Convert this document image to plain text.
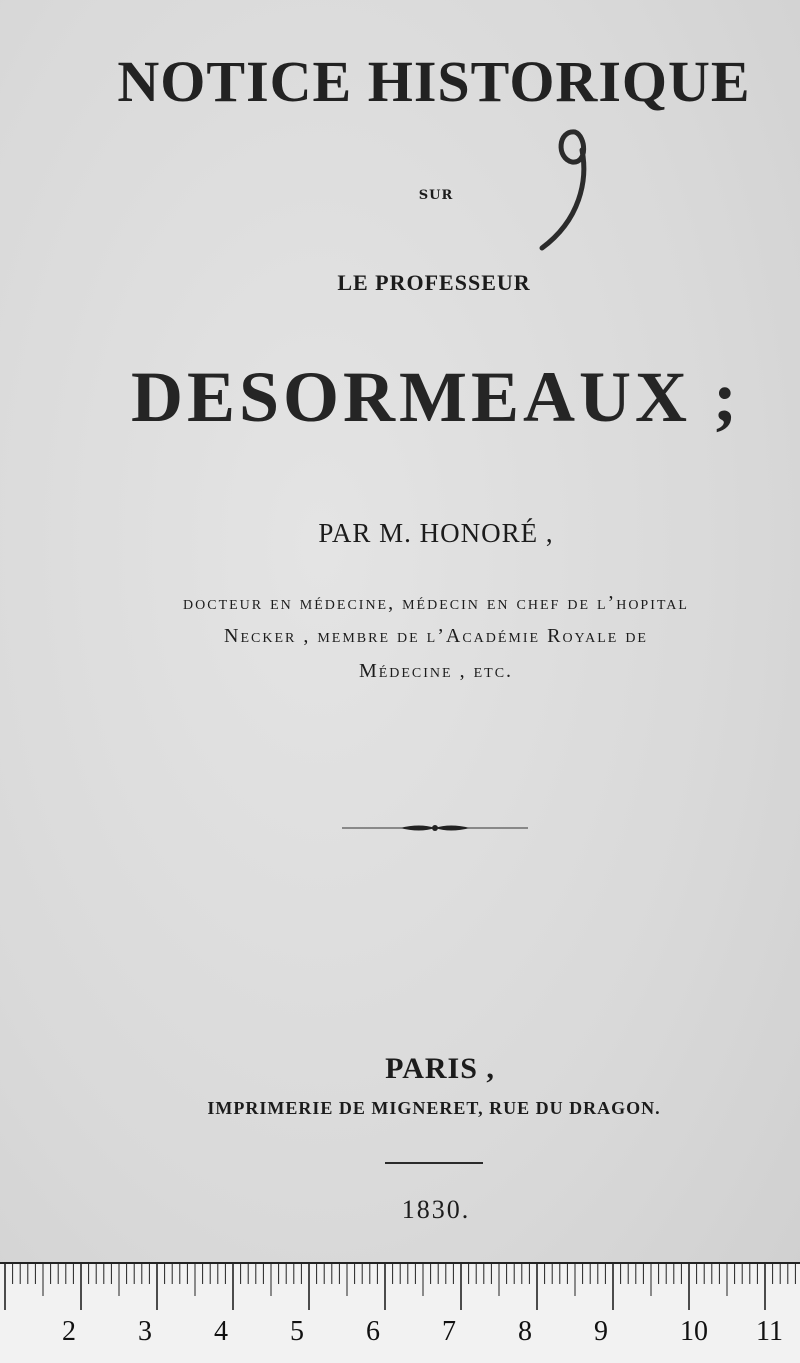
NOTICE HISTORIQUE
SUR
LE PROFESSEUR
DESORMEAUX ;
PAR M. HONORÉ ,
docteur en médecine, médecin en chef de l’hopital
Necker , membre de l’Académie Royale de
Médecine , etc.
PARIS ,
IMPRIMERIE DE MIGNERET, RUE DU DRAGON.
1830.
2 3 4 5 6 7 8 9	10 11
